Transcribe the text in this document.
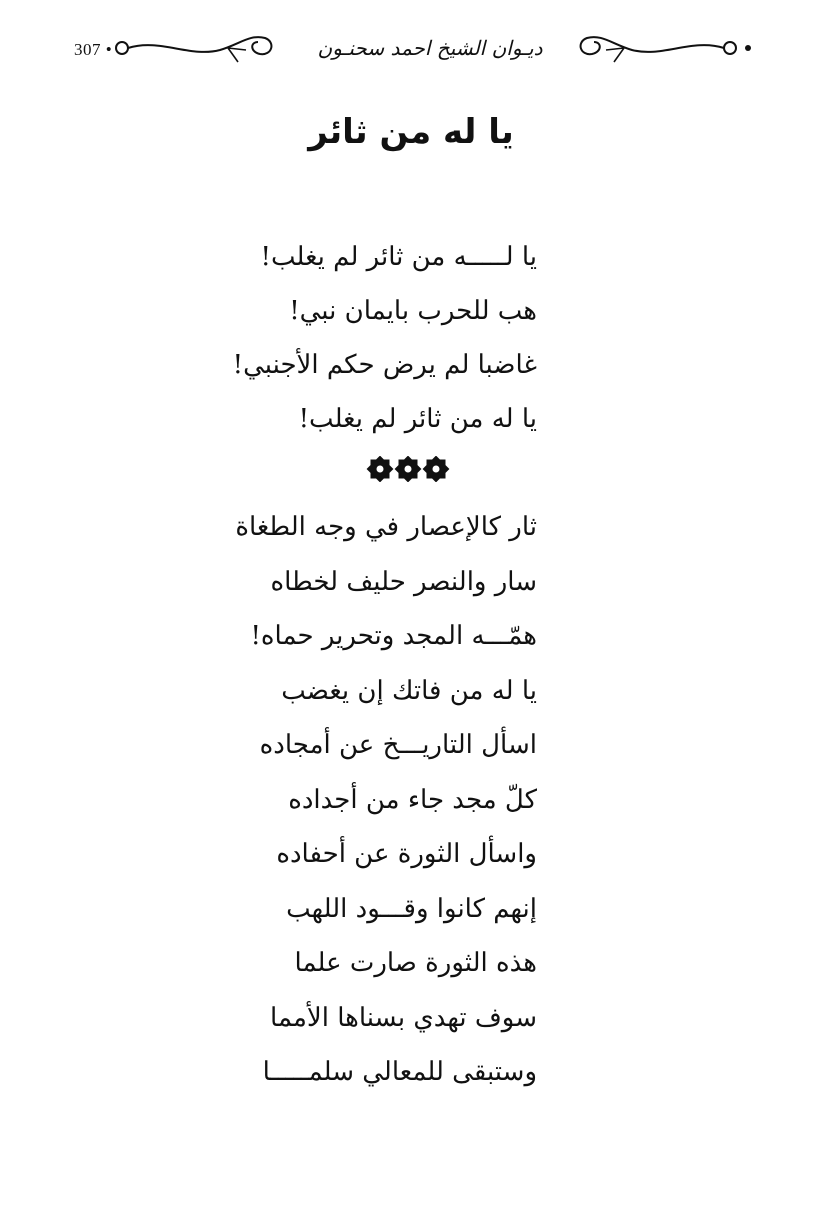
307 •	ديـوان الشيخ احمد سحنـون
يا له من ثائر
يا لـــــه من ثائر لم يغلب!
هب للحرب بايمان نبي!
غاضبا لم يرض حكم الأجنبي!
يا له من ثائر لم يغلب!
ثار كالإعصار في وجه الطغاة
سار والنصر حليف لخطاه
همّـــه المجد وتحرير حماه!
يا له من فاتك إن يغضب
اسأل التاريـــخ عن أمجاده
كلّ مجد جاء من أجداده
واسأل الثورة عن أحفاده
إنهم كانوا وقـــود اللهب
هذه الثورة صارت علما
سوف تهدي بسناها الأمما
وستبقى للمعالي سلمـــــا
